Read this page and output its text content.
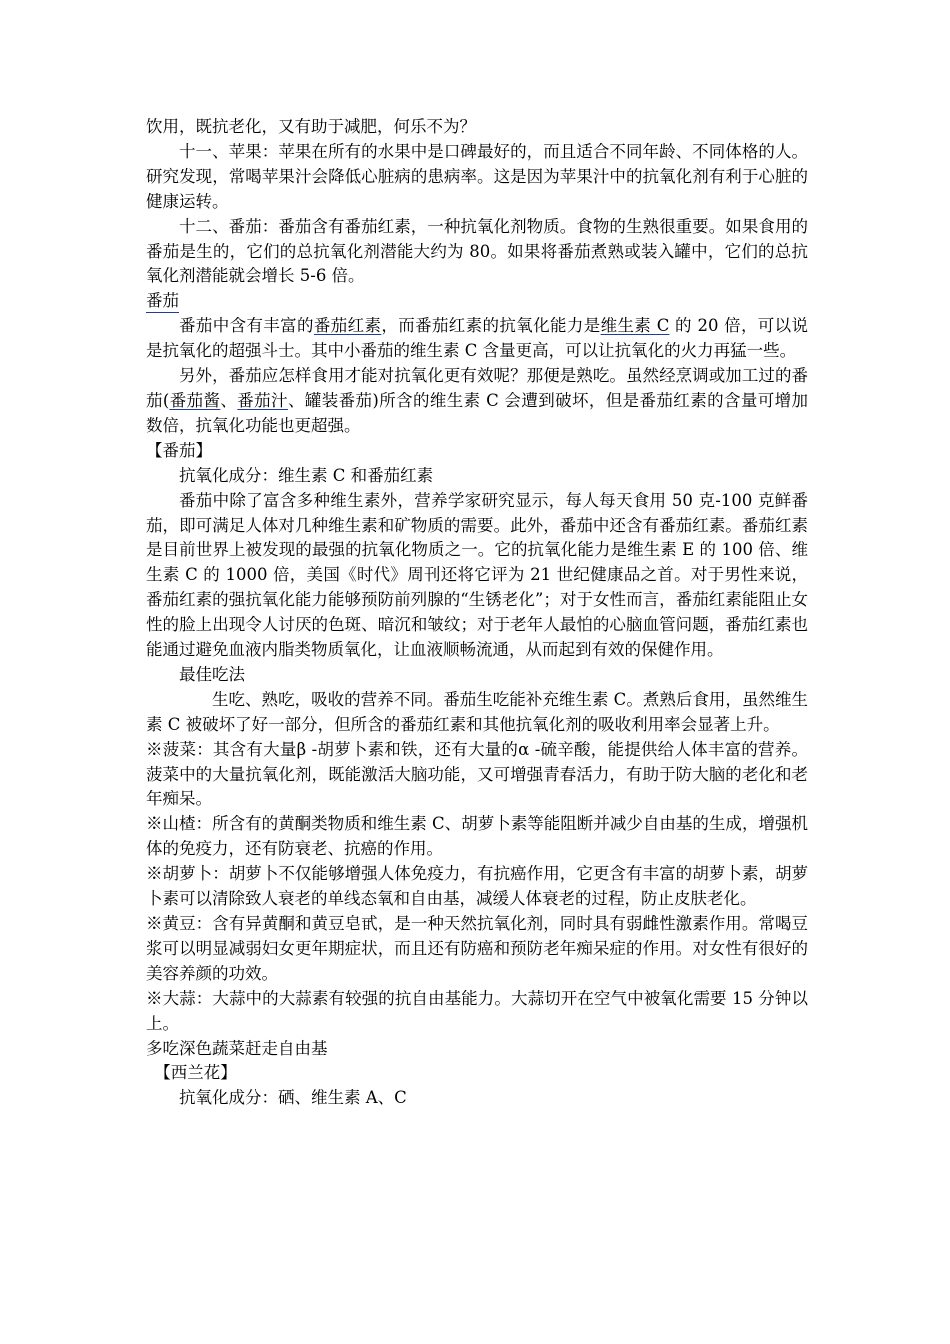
饮用，既抗老化，又有助于减肥，何乐不为？

十一、苹果：苹果在所有的水果中是口碑最好的，而且适合不同年龄、不同体格的人。研究发现，常喝苹果汁会降低心脏病的患病率。这是因为苹果汁中的抗氧化剂有利于心脏的健康运转。

十二、番茄：番茄含有番茄红素，一种抗氧化剂物质。食物的生熟很重要。如果食用的番茄是生的，它们的总抗氧化剂潜能大约为 80。如果将番茄煮熟或装入罐中，它们的总抗氧化剂潜能就会增长 5-6 倍。

番茄

番茄中含有丰富的番茄红素，而番茄红素的抗氧化能力是维生素 C 的 20 倍，可以说是抗氧化的超强斗士。其中小番茄的维生素 C 含量更高，可以让抗氧化的火力再猛一些。

另外，番茄应怎样食用才能对抗氧化更有效呢？那便是熟吃。虽然经烹调或加工过的番茄(番茄酱、番茄汁、罐装番茄)所含的维生素 C 会遭到破坏，但是番茄红素的含量可增加数倍，抗氧化功能也更超强。

【番茄】

抗氧化成分：维生素 C 和番茄红素

番茄中除了富含多种维生素外，营养学家研究显示，每人每天食用 50 克-100 克鲜番茄，即可满足人体对几种维生素和矿物质的需要。此外，番茄中还含有番茄红素。番茄红素是目前世界上被发现的最强的抗氧化物质之一。它的抗氧化能力是维生素 E 的 100 倍、维生素 C 的 1000 倍，美国《时代》周刊还将它评为 21 世纪健康品之首。对于男性来说，番茄红素的强抗氧化能力能够预防前列腺的“生锈老化”；对于女性而言，番茄红素能阻止女性的脸上出现令人讨厌的色斑、暗沉和皱纹；对于老年人最怕的心脑血管问题，番茄红素也能通过避免血液内脂类物质氧化，让血液顺畅流通，从而起到有效的保健作用。

最佳吃法

生吃、熟吃，吸收的营养不同。番茄生吃能补充维生素 C。煮熟后食用，虽然维生素 C 被破坏了好一部分，但所含的番茄红素和其他抗氧化剂的吸收利用率会显著上升。

※菠菜：其含有大量β -胡萝卜素和铁，还有大量的α -硫辛酸，能提供给人体丰富的营养。菠菜中的大量抗氧化剂，既能激活大脑功能，又可增强青春活力，有助于防大脑的老化和老年痴呆。

※山楂：所含有的黄酮类物质和维生素 C、胡萝卜素等能阻断并减少自由基的生成，增强机体的免疫力，还有防衰老、抗癌的作用。

※胡萝卜：胡萝卜不仅能够增强人体免疫力，有抗癌作用，它更含有丰富的胡萝卜素，胡萝卜素可以清除致人衰老的单线态氧和自由基，减缓人体衰老的过程，防止皮肤老化。

※黄豆：含有异黄酮和黄豆皂甙，是一种天然抗氧化剂，同时具有弱雌性激素作用。常喝豆浆可以明显减弱妇女更年期症状，而且还有防癌和预防老年痴呆症的作用。对女性有很好的美容养颜的功效。

※大蒜：大蒜中的大蒜素有较强的抗自由基能力。大蒜切开在空气中被氧化需要 15 分钟以上。

多吃深色蔬菜赶走自由基

【西兰花】

抗氧化成分：硒、维生素 A、C
